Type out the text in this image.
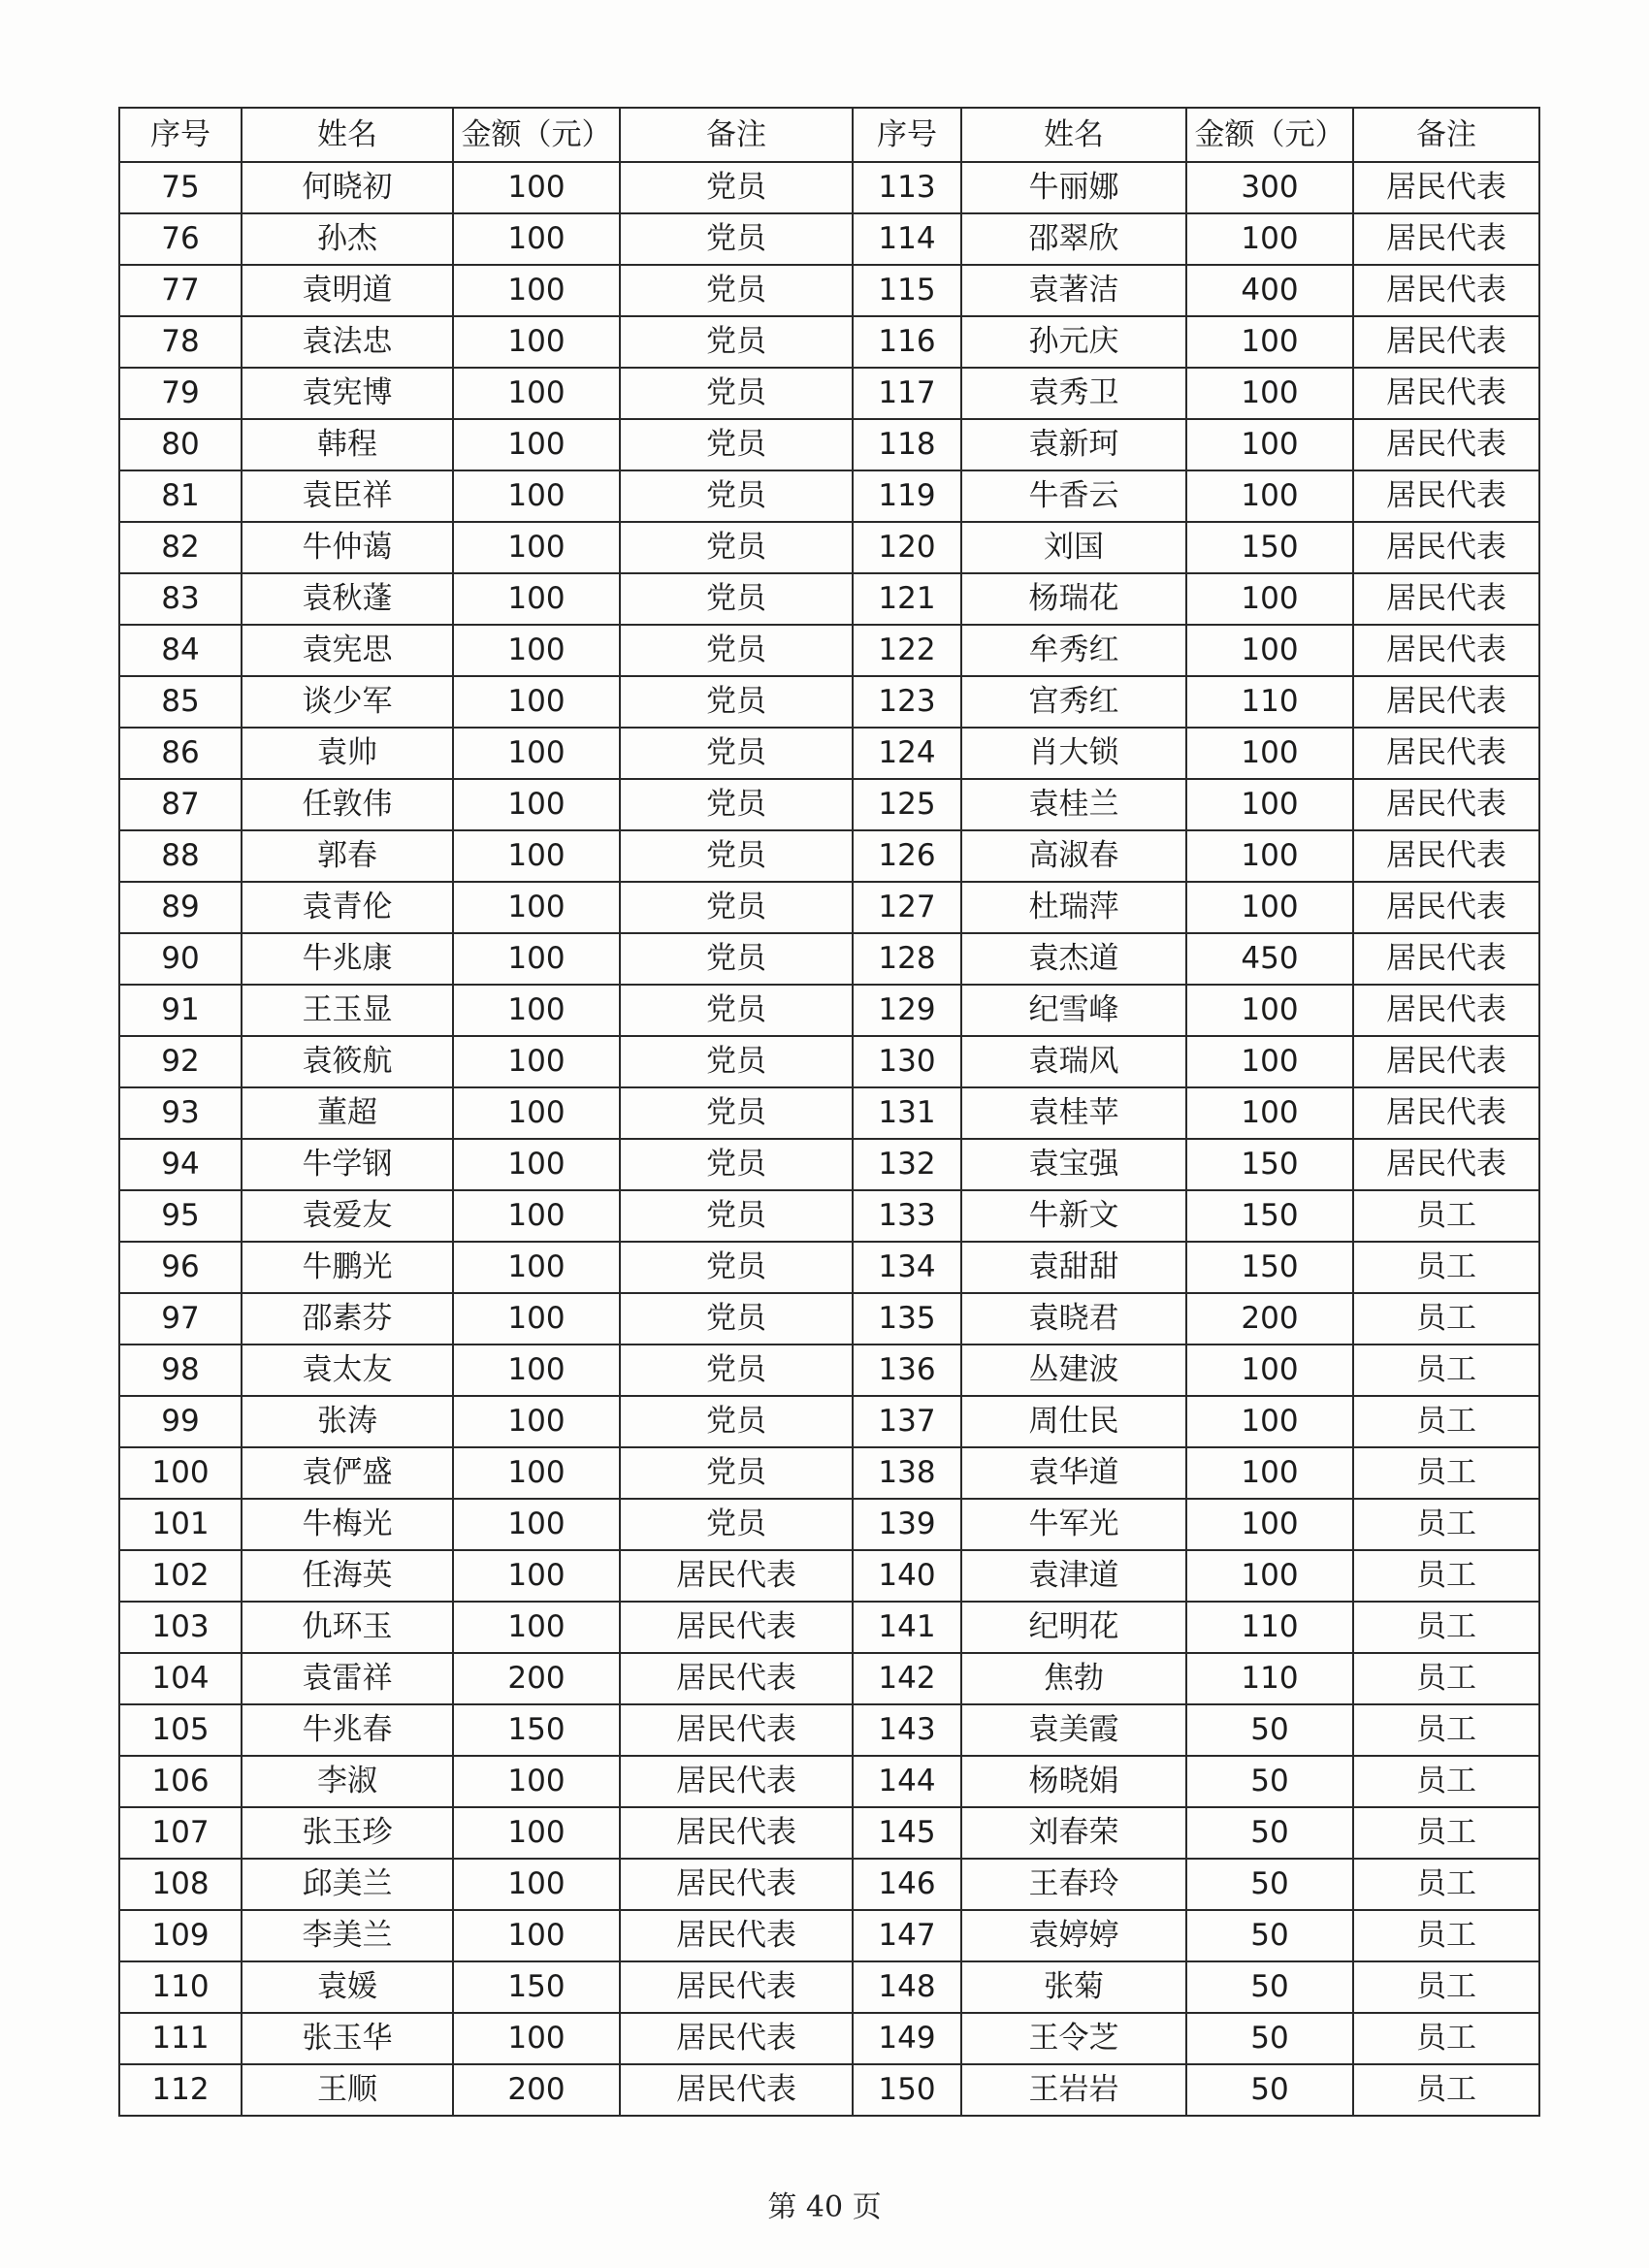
序号	姓名	金额（元）	备注	序号	姓名	金额（元）	备注
75	何晓初	100	党员	113	牛丽娜	300	居民代表
76	孙杰	100	党员	114	邵翠欣	100	居民代表
77	袁明道	100	党员	115	袁著洁	400	居民代表
78	袁法忠	100	党员	116	孙元庆	100	居民代表
79	袁宪博	100	党员	117	袁秀卫	100	居民代表
80	韩程	100	党员	118	袁新珂	100	居民代表
81	袁臣祥	100	党员	119	牛香云	100	居民代表
82	牛仲蔼	100	党员	120	刘国	150	居民代表
83	袁秋蓬	100	党员	121	杨瑞花	100	居民代表
84	袁宪思	100	党员	122	牟秀红	100	居民代表
85	谈少军	100	党员	123	宫秀红	110	居民代表
86	袁帅	100	党员	124	肖大锁	100	居民代表
87	任敦伟	100	党员	125	袁桂兰	100	居民代表
88	郭春	100	党员	126	高淑春	100	居民代表
89	袁青伦	100	党员	127	杜瑞萍	100	居民代表
90	牛兆康	100	党员	128	袁杰道	450	居民代表
91	王玉显	100	党员	129	纪雪峰	100	居民代表
92	袁筱航	100	党员	130	袁瑞风	100	居民代表
93	董超	100	党员	131	袁桂苹	100	居民代表
94	牛学钢	100	党员	132	袁宝强	150	居民代表
95	袁爱友	100	党员	133	牛新文	150	员工
96	牛鹏光	100	党员	134	袁甜甜	150	员工
97	邵素芬	100	党员	135	袁晓君	200	员工
98	袁太友	100	党员	136	丛建波	100	员工
99	张涛	100	党员	137	周仕民	100	员工
100	袁俨盛	100	党员	138	袁华道	100	员工
101	牛梅光	100	党员	139	牛军光	100	员工
102	任海英	100	居民代表	140	袁津道	100	员工
103	仇环玉	100	居民代表	141	纪明花	110	员工
104	袁雷祥	200	居民代表	142	焦勃	110	员工
105	牛兆春	150	居民代表	143	袁美霞	50	员工
106	李淑	100	居民代表	144	杨晓娟	50	员工
107	张玉珍	100	居民代表	145	刘春荣	50	员工
108	邱美兰	100	居民代表	146	王春玲	50	员工
109	李美兰	100	居民代表	147	袁婷婷	50	员工
110	袁媛	150	居民代表	148	张菊	50	员工
111	张玉华	100	居民代表	149	王令芝	50	员工
112	王顺	200	居民代表	150	王岩岩	50	员工
第 40 页
